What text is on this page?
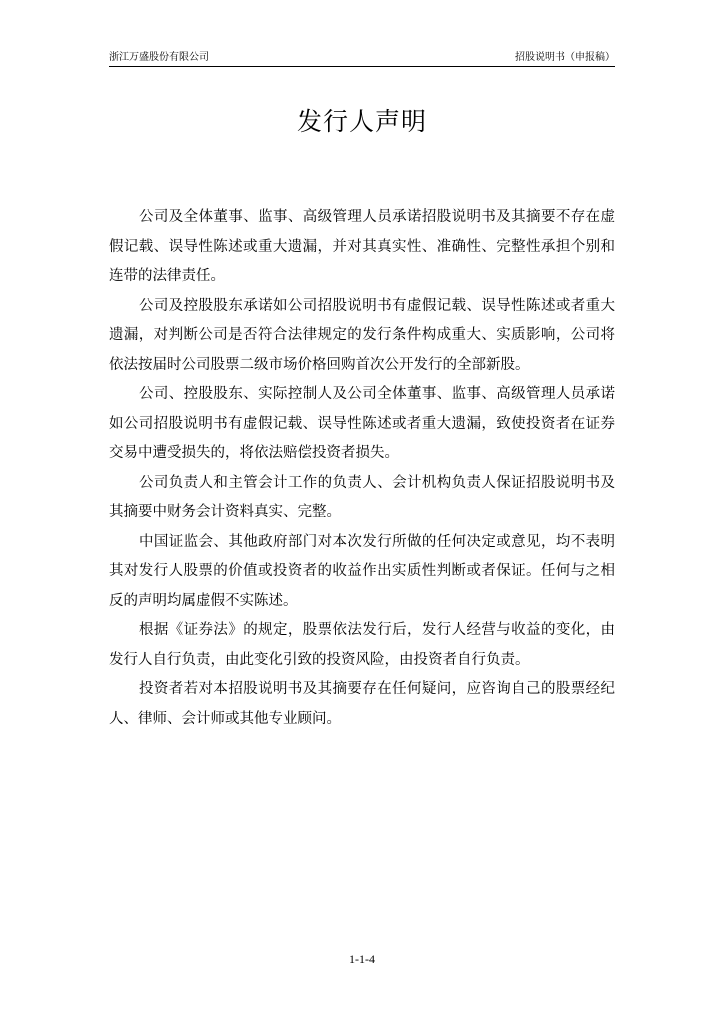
浙江万盛股份有限公司	招股说明书（申报稿）
发行人声明

公司及全体董事、监事、高级管理人员承诺招股说明书及其摘要不存在虚假记载、误导性陈述或重大遗漏，并对其真实性、准确性、完整性承担个别和连带的法律责任。

公司及控股股东承诺如公司招股说明书有虚假记载、误导性陈述或者重大遗漏，对判断公司是否符合法律规定的发行条件构成重大、实质影响，公司将依法按届时公司股票二级市场价格回购首次公开发行的全部新股。

公司、控股股东、实际控制人及公司全体董事、监事、高级管理人员承诺如公司招股说明书有虚假记载、误导性陈述或者重大遗漏，致使投资者在证券交易中遭受损失的，将依法赔偿投资者损失。

公司负责人和主管会计工作的负责人、会计机构负责人保证招股说明书及其摘要中财务会计资料真实、完整。

中国证监会、其他政府部门对本次发行所做的任何决定或意见，均不表明其对发行人股票的价值或投资者的收益作出实质性判断或者保证。任何与之相反的声明均属虚假不实陈述。

根据《证券法》的规定，股票依法发行后，发行人经营与收益的变化，由发行人自行负责，由此变化引致的投资风险，由投资者自行负责。

投资者若对本招股说明书及其摘要存在任何疑问，应咨询自己的股票经纪人、律师、会计师或其他专业顾问。

1-1-4
